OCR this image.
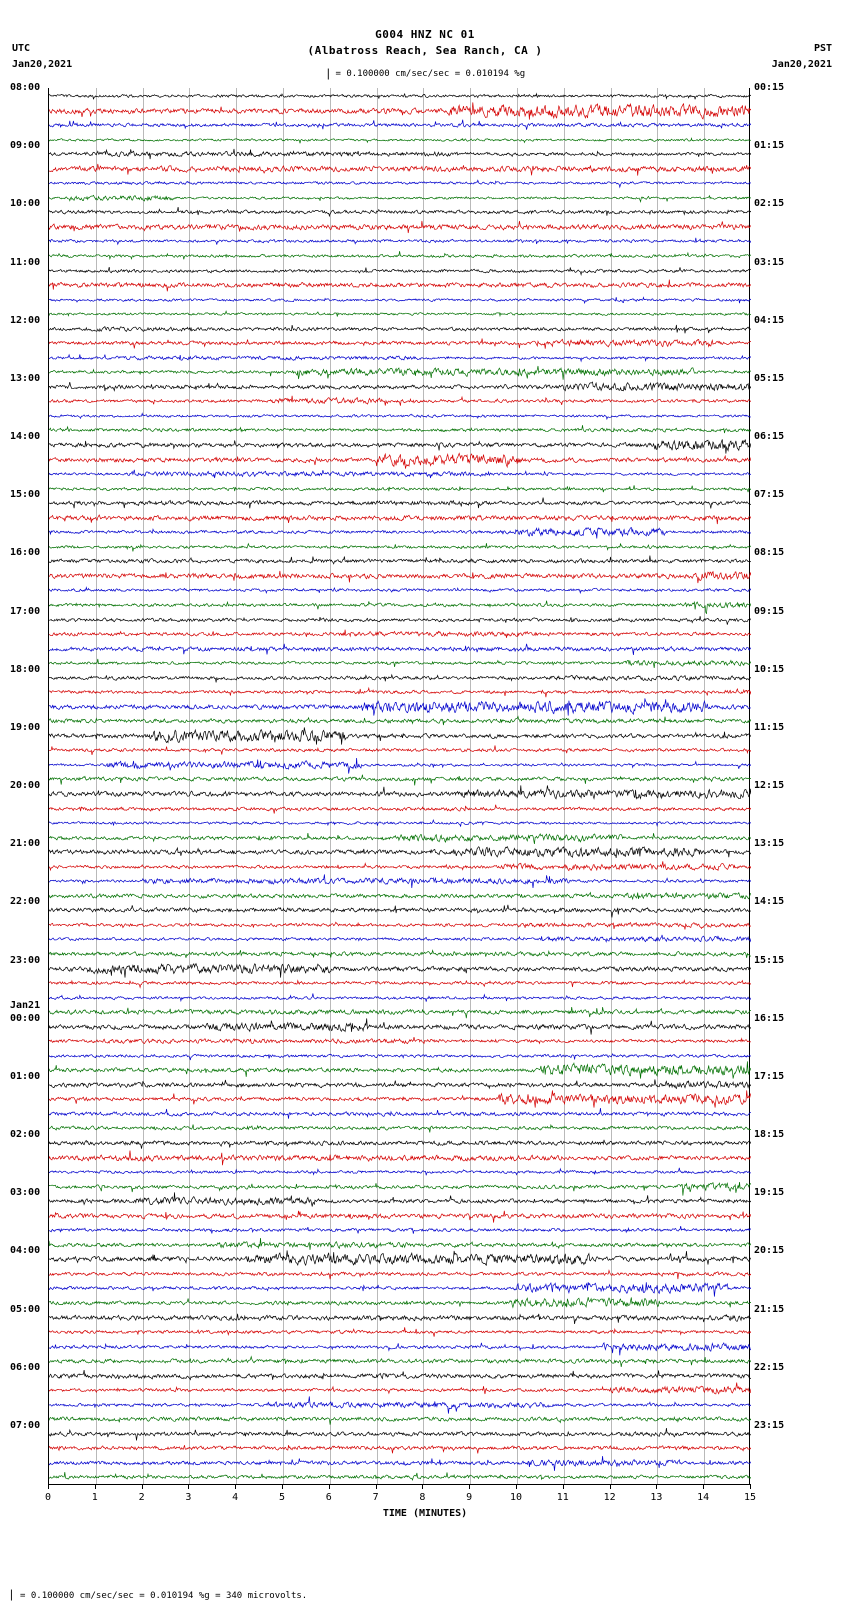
UTC
Jan20,2021
PST
Jan20,2021
G004 HNZ NC 01
(Albatross Reach, Sea Ranch, CA )
∣ = 0.100000 cm/sec/sec = 0.010194 %g
0	1	2	3	4	5	6	7	8	9	10	11	12	13	14	15
TIME (MINUTES)
08:00
09:00
10:00
11:00
12:00
13:00
14:00
15:00
16:00
17:00
18:00
19:00
20:00
21:00
22:00
23:00
00:00
01:00
02:00
03:00
04:00
05:00
06:00
07:00
Jan21
00:15
01:15
02:15
03:15
04:15
05:15
06:15
07:15
08:15
09:15
10:15
11:15
12:15
13:15
14:15
15:15
16:15
17:15
18:15
19:15
20:15
21:15
22:15
23:15
∣ = 0.100000 cm/sec/sec = 0.010194 %g = 340 microvolts.
